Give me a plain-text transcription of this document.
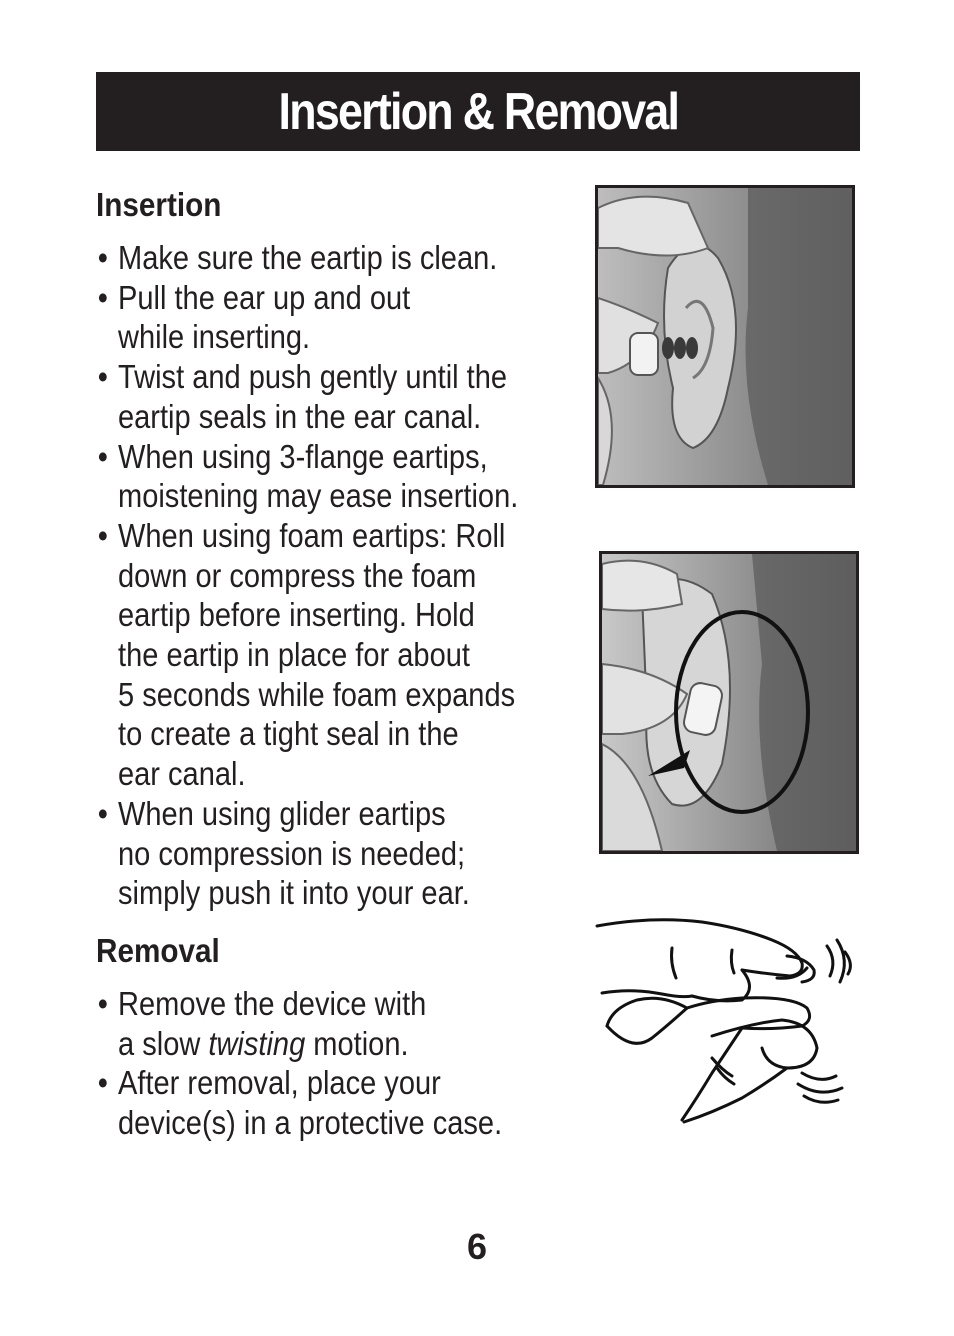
Insertion & Removal
Insertion
• Make sure the eartip is clean.
• Pull the ear up and out
while inserting.
• Twist and push gently until the
eartip seals in the ear canal.
• When using 3-flange eartips,
moistening may ease insertion.
• When using foam eartips: Roll
down or compress the foam
eartip before inserting. Hold
the eartip in place for about
5 seconds while foam expands
to create a tight seal in the
ear canal.
• When using glider eartips
no compression is needed;
simply push it into your ear.
Removal
• Remove the device with
a slow twisting motion.
• After removal, place your
device(s) in a protective case.
6
